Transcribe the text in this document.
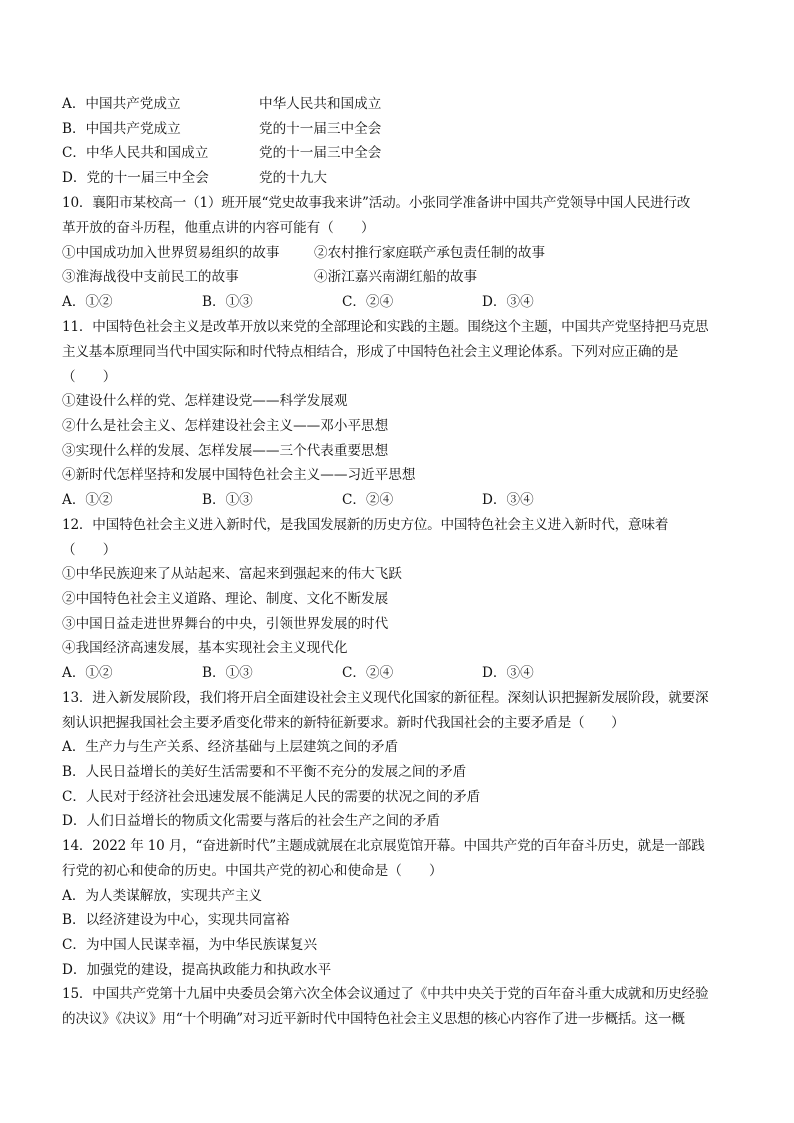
A．中国共产党成立	中华人民共和国成立
B．中国共产党成立	党的十一届三中全会
C．中华人民共和国成立	党的十一届三中全会
D．党的十一届三中全会	党的十九大
10．襄阳市某校高一（1）班开展“党史故事我来讲”活动。小张同学准备讲中国共产党领导中国人民进行改
革开放的奋斗历程，他重点讲的内容可能有（　　）
①中国成功加入世界贸易组织的故事	②农村推行家庭联产承包责任制的故事
③淮海战役中支前民工的故事	④浙江嘉兴南湖红船的故事
A．①②	B．①③	C．②④	D．③④
11．中国特色社会主义是改革开放以来党的全部理论和实践的主题。围绕这个主题，中国共产党坚持把马克思
主义基本原理同当代中国实际和时代特点相结合，形成了中国特色社会主义理论体系。下列对应正确的是
（　　）
①建设什么样的党、怎样建设党——科学发展观
②什么是社会主义、怎样建设社会主义——邓小平思想
③实现什么样的发展、怎样发展——三个代表重要思想
④新时代怎样坚持和发展中国特色社会主义——习近平思想
A．①②	B．①③	C．②④	D．③④
12．中国特色社会主义进入新时代，是我国发展新的历史方位。中国特色社会主义进入新时代，意味着
（　　）
①中华民族迎来了从站起来、富起来到强起来的伟大飞跃
②中国特色社会主义道路、理论、制度、文化不断发展
③中国日益走进世界舞台的中央，引领世界发展的时代
④我国经济高速发展，基本实现社会主义现代化
A．①②	B．①③	C．②④	D．③④
13．进入新发展阶段，我们将开启全面建设社会主义现代化国家的新征程。深刻认识把握新发展阶段，就要深
刻认识把握我国社会主要矛盾变化带来的新特征新要求。新时代我国社会的主要矛盾是（　　）
A．生产力与生产关系、经济基础与上层建筑之间的矛盾
B．人民日益增长的美好生活需要和不平衡不充分的发展之间的矛盾
C．人民对于经济社会迅速发展不能满足人民的需要的状况之间的矛盾
D．人们日益增长的物质文化需要与落后的社会生产之间的矛盾
14．2022 年 10 月，“奋进新时代”主题成就展在北京展览馆开幕。中国共产党的百年奋斗历史，就是一部践
行党的初心和使命的历史。中国共产党的初心和使命是（　　）
A．为人类谋解放，实现共产主义
B．以经济建设为中心，实现共同富裕
C．为中国人民谋幸福，为中华民族谋复兴
D．加强党的建设，提高执政能力和执政水平
15．中国共产党第十九届中央委员会第六次全体会议通过了《中共中央关于党的百年奋斗重大成就和历史经验
的决议》《决议》用“十个明确”对习近平新时代中国特色社会主义思想的核心内容作了进一步概括。这一概
